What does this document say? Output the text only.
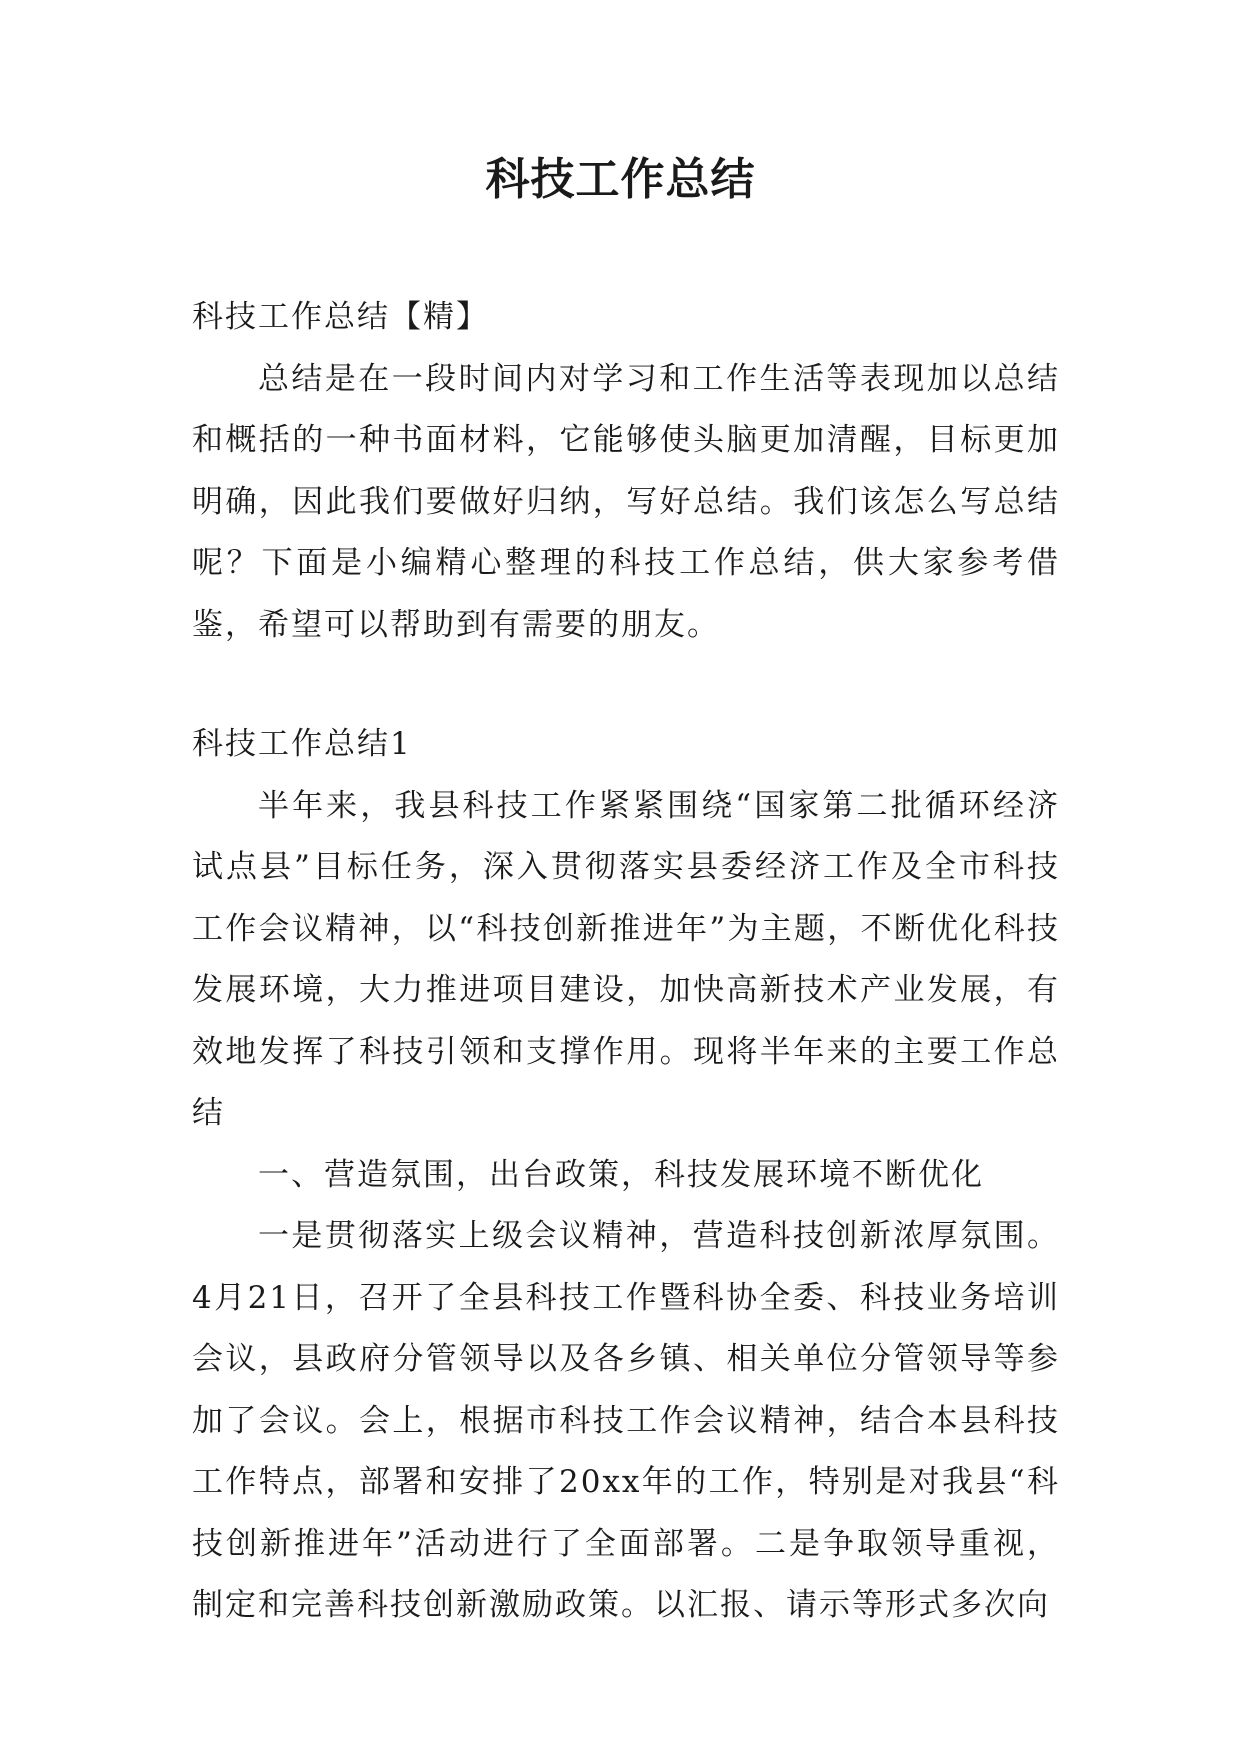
科技工作总结

科技工作总结【精】

总结是在一段时间内对学习和工作生活等表现加以总结和概括的一种书面材料，它能够使头脑更加清醒，目标更加明确，因此我们要做好归纳，写好总结。我们该怎么写总结呢？下面是小编精心整理的科技工作总结，供大家参考借鉴，希望可以帮助到有需要的朋友。

科技工作总结1

半年来，我县科技工作紧紧围绕“国家第二批循环经济试点县”目标任务，深入贯彻落实县委经济工作及全市科技工作会议精神，以“科技创新推进年”为主题，不断优化科技发展环境，大力推进项目建设，加快高新技术产业发展，有效地发挥了科技引领和支撑作用。现将半年来的主要工作总结

一、营造氛围，出台政策，科技发展环境不断优化

一是贯彻落实上级会议精神，营造科技创新浓厚氛围。4月21日，召开了全县科技工作暨科协全委、科技业务培训会议，县政府分管领导以及各乡镇、相关单位分管领导等参加了会议。会上，根据市科技工作会议精神，结合本县科技工作特点，部署和安排了20xx年的工作，特别是对我县“科技创新推进年”活动进行了全面部署。二是争取领导重视，制定和完善科技创新激励政策。以汇报、请示等形式多次向
